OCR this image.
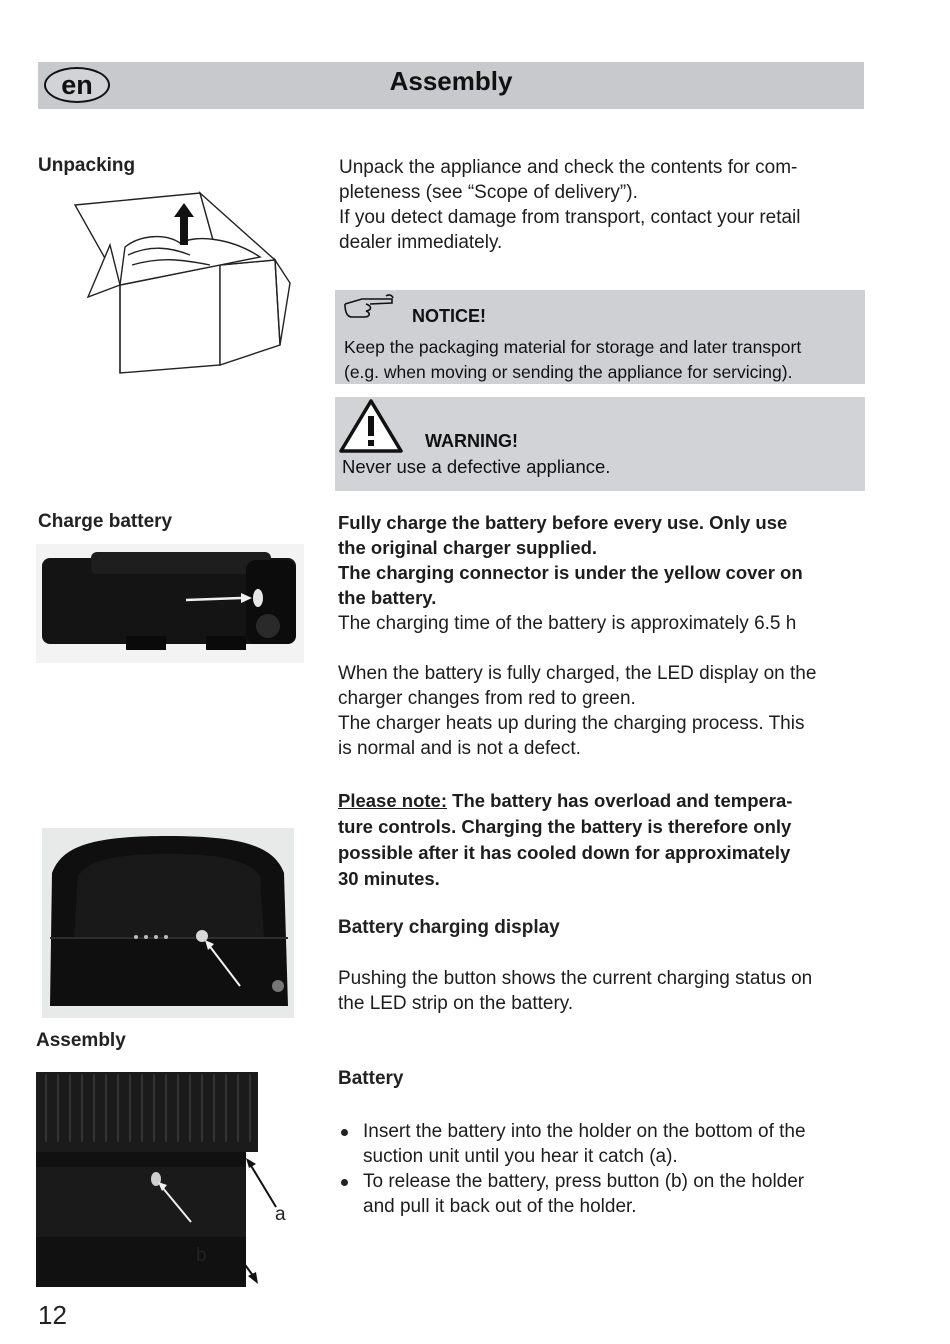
en	Assembly
Unpacking
Charge battery
Assembly
a
b
Unpack the appliance and check the contents for com-
pleteness (see “Scope of delivery”).
If you detect damage from transport, contact your retail
dealer immediately.
NOTICE!
Keep the packaging material for storage and later transport
(e.g. when moving or sending the appliance for servicing).
WARNING!
Never use a defective appliance.
Fully charge the battery before every use. Only use
the original charger supplied.
The charging connector is under the yellow cover on
the battery.
The charging time of the battery is approximately 6.5 h
When the battery is fully charged, the LED display on the
charger changes from red to green.
The charger heats up during the charging process. This
is normal and is not a defect.
Please note: The battery has overload and tempera-
ture controls. Charging the battery is therefore only
possible after it has cooled down for approximately
30 minutes.
Battery charging display
Pushing the button shows the current charging status on
the LED strip on the battery.
Battery
Insert the battery into the holder on the bottom of the
suction unit until you hear it catch (a).
To release the battery, press button (b) on the holder
and pull it back out of the holder.
12
